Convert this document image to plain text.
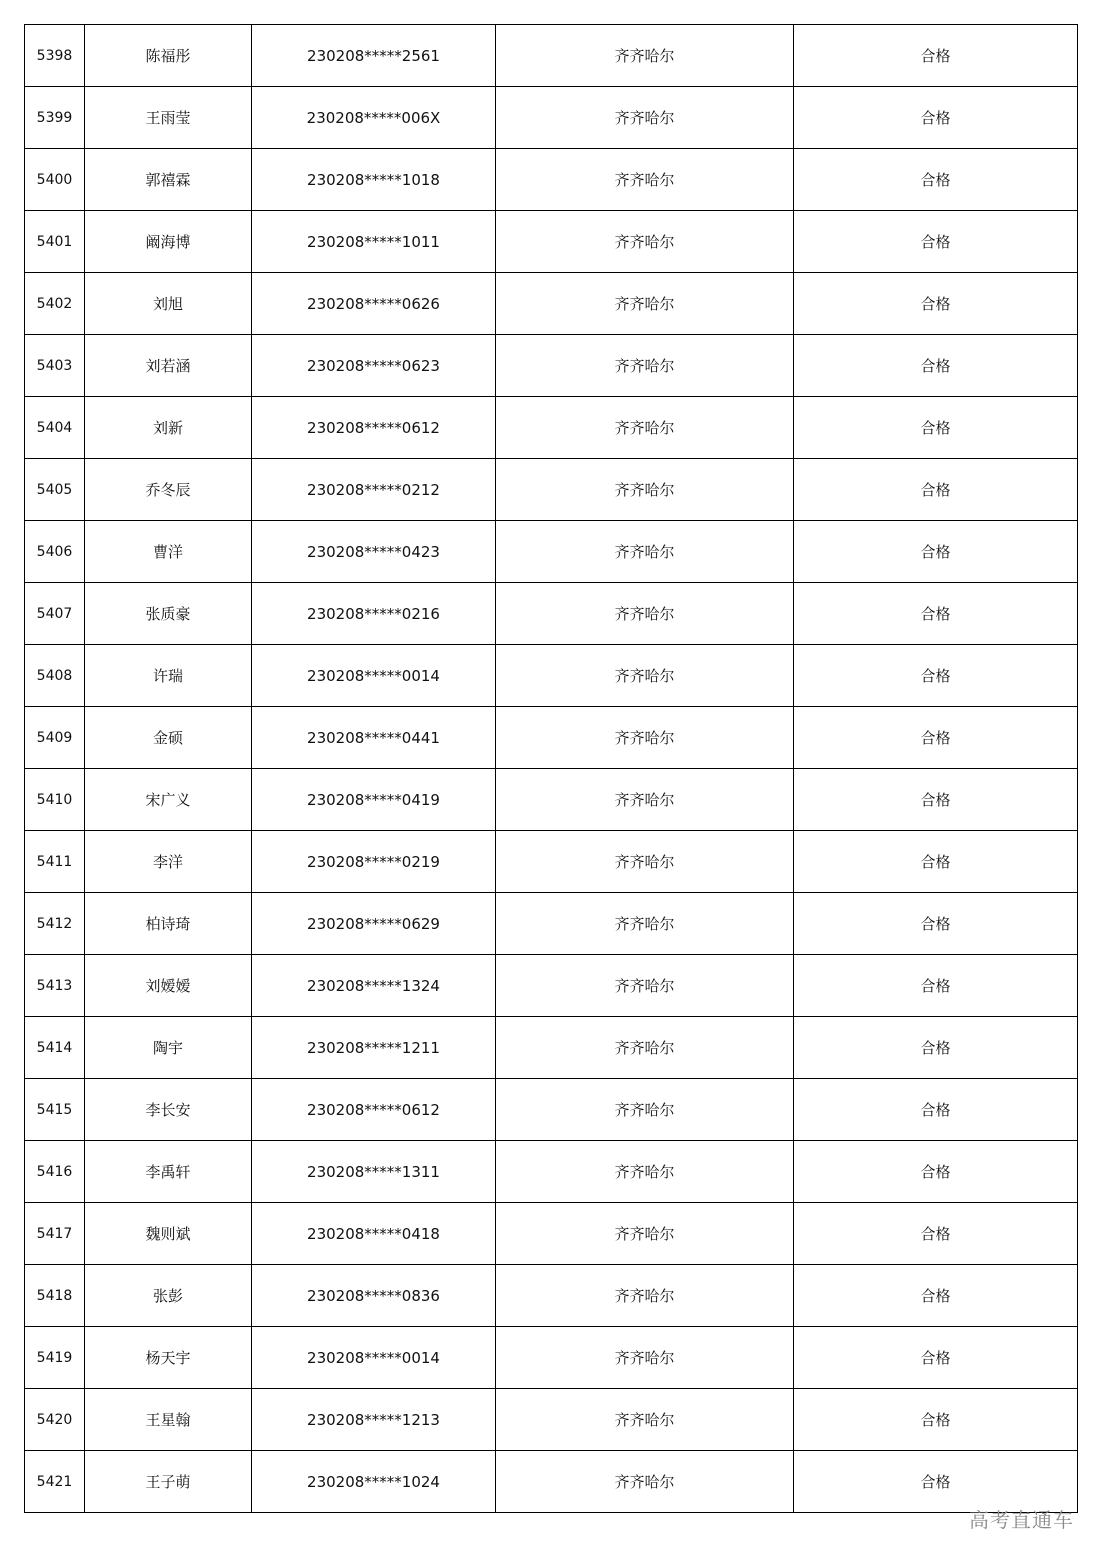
5398	陈福彤	230208*****2561	齐齐哈尔	合格
5399	王雨莹	230208*****006X	齐齐哈尔	合格
5400	郭禧霖	230208*****1018	齐齐哈尔	合格
5401	阚海博	230208*****1011	齐齐哈尔	合格
5402	刘旭	230208*****0626	齐齐哈尔	合格
5403	刘若涵	230208*****0623	齐齐哈尔	合格
5404	刘新	230208*****0612	齐齐哈尔	合格
5405	乔冬辰	230208*****0212	齐齐哈尔	合格
5406	曹洋	230208*****0423	齐齐哈尔	合格
5407	张质豪	230208*****0216	齐齐哈尔	合格
5408	许瑞	230208*****0014	齐齐哈尔	合格
5409	金硕	230208*****0441	齐齐哈尔	合格
5410	宋广义	230208*****0419	齐齐哈尔	合格
5411	李洋	230208*****0219	齐齐哈尔	合格
5412	柏诗琦	230208*****0629	齐齐哈尔	合格
5413	刘嫒嫒	230208*****1324	齐齐哈尔	合格
5414	陶宇	230208*****1211	齐齐哈尔	合格
5415	李长安	230208*****0612	齐齐哈尔	合格
5416	李禹轩	230208*****1311	齐齐哈尔	合格
5417	魏则斌	230208*****0418	齐齐哈尔	合格
5418	张彭	230208*****0836	齐齐哈尔	合格
5419	杨天宇	230208*****0014	齐齐哈尔	合格
5420	王星翰	230208*****1213	齐齐哈尔	合格
5421	王子萌	230208*****1024	齐齐哈尔	合格
高考直通车
